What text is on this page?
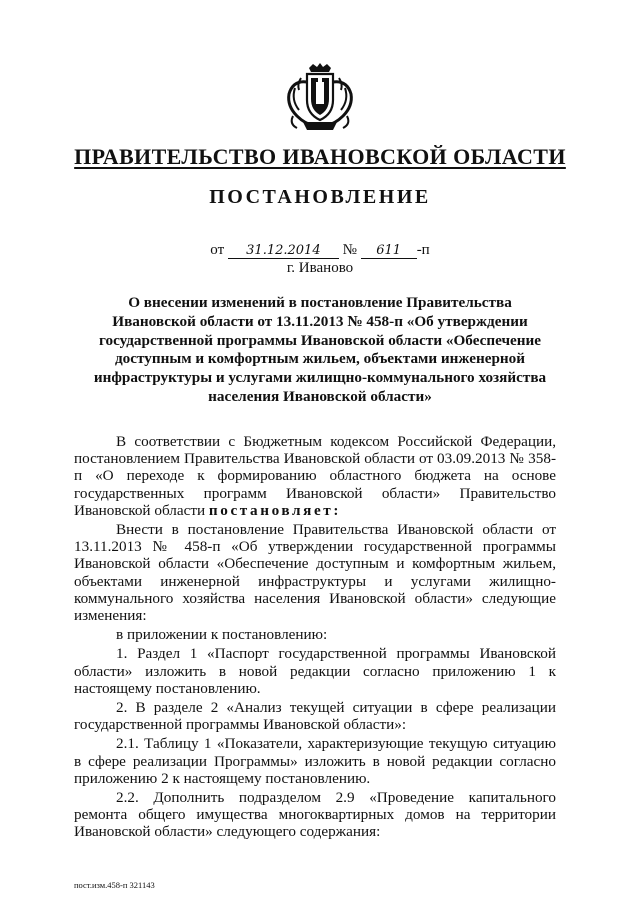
ПРАВИТЕЛЬСТВО ИВАНОВСКОЙ ОБЛАСТИ
ПОСТАНОВЛЕНИЕ
от 31.12.2014 № 611 -п
г. Иваново
О внесении изменений в постановление Правительства Ивановской области от 13.11.2013 № 458-п «Об утверждении государственной программы Ивановской области «Обеспечение доступным и комфортным жильем, объектами инженерной инфраструктуры и услугами жилищно-коммунального хозяйства населения Ивановской области»

В соответствии с Бюджетным кодексом Российской Федерации, постановлением Правительства Ивановской области от 03.09.2013 № 358-п «О переходе к формированию областного бюджета на основе государственных программ Ивановской области» Правительство Ивановской области постановляет:

Внести в постановление Правительства Ивановской области от 13.11.2013 № 458-п «Об утверждении государственной программы Ивановской области «Обеспечение доступным и комфортным жильем, объектами инженерной инфраструктуры и услугами жилищно-коммунального хозяйства населения Ивановской области» следующие изменения:

в приложении к постановлению:

1. Раздел 1 «Паспорт государственной программы Ивановской области» изложить в новой редакции согласно приложению 1 к настоящему постановлению.

2. В разделе 2 «Анализ текущей ситуации в сфере реализации государственной программы Ивановской области»:

2.1. Таблицу 1 «Показатели, характеризующие текущую ситуацию в сфере реализации Программы» изложить в новой редакции согласно приложению 2 к настоящему постановлению.

2.2. Дополнить подразделом 2.9 «Проведение капитального ремонта общего имущества многоквартирных домов на территории Ивановской области» следующего содержания:

пост.изм.458-п 321143
